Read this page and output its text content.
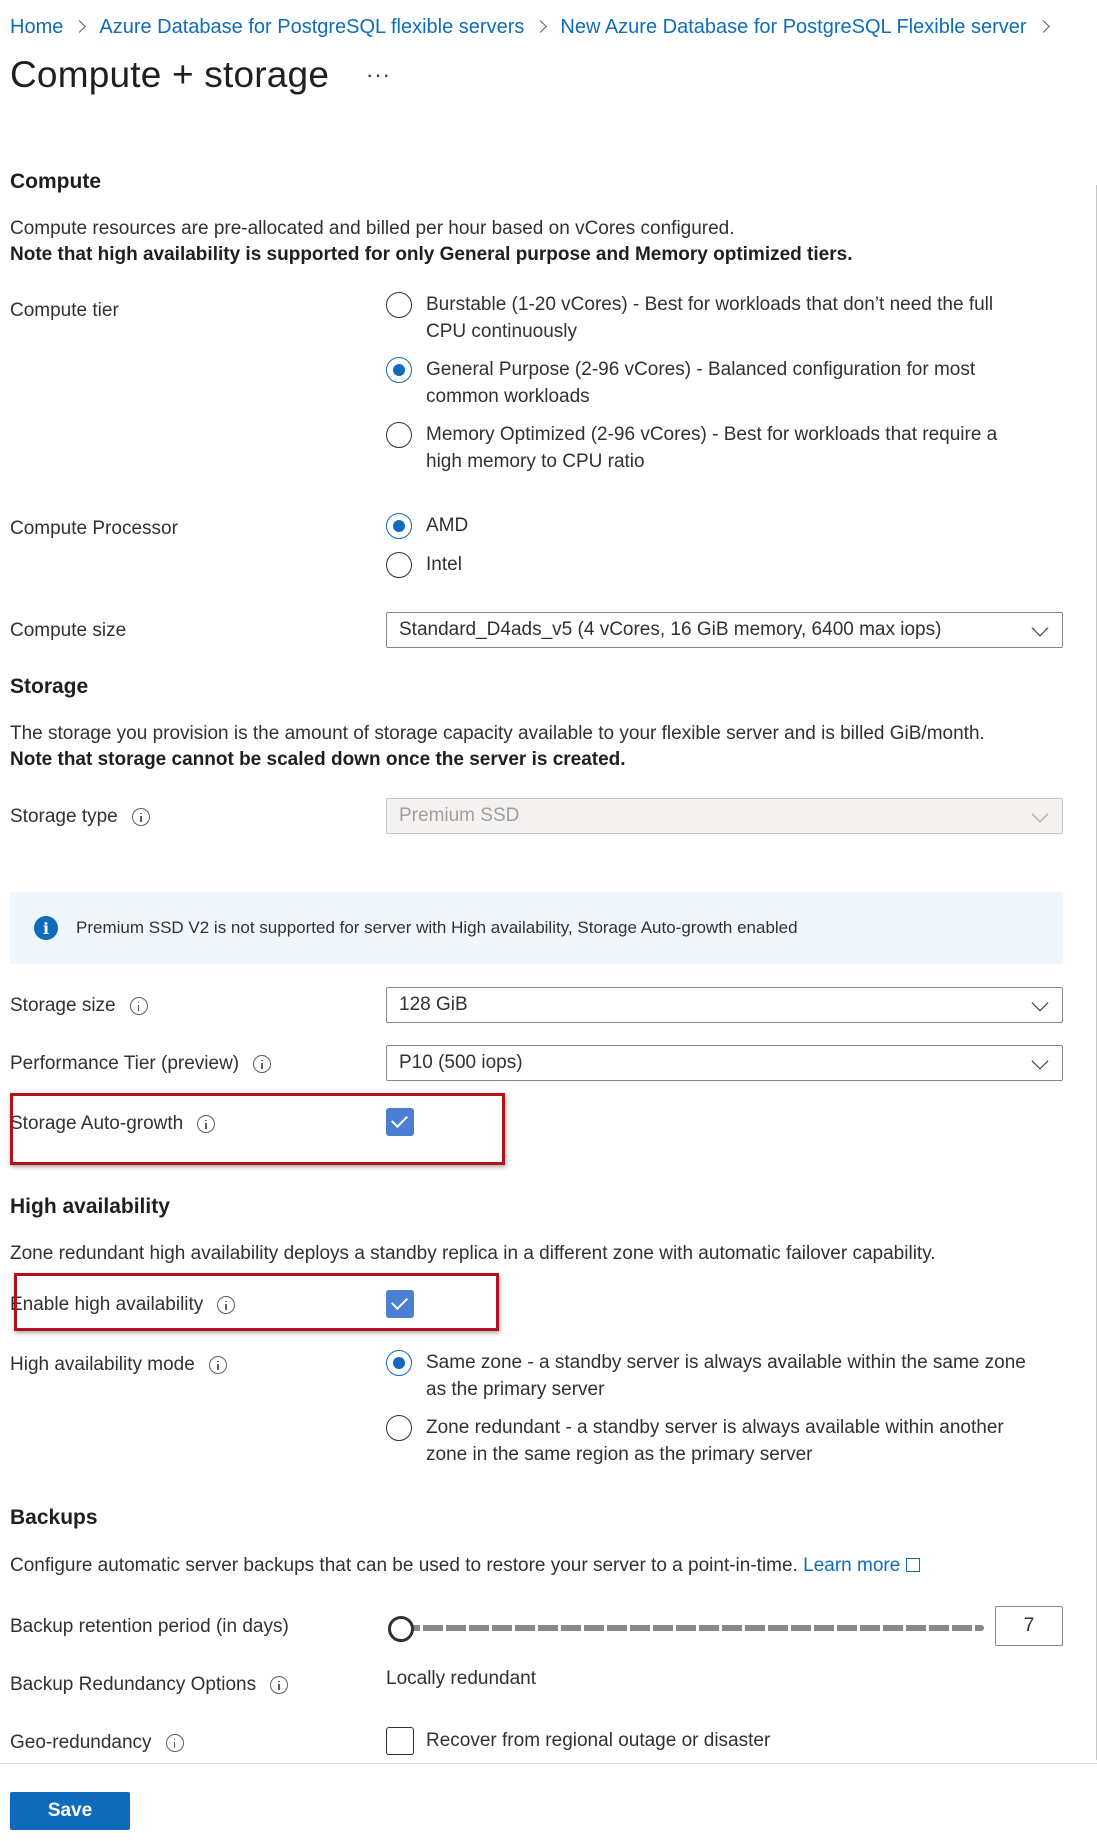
Home Azure Database for PostgreSQL flexible servers New Azure Database for PostgreSQL Flexible server
Compute + storage ···
Compute
Compute resources are pre-allocated and billed per hour based on vCores configured.
Note that high availability is supported for only General purpose and Memory optimized tiers.
Compute tier	Burstable (1-20 vCores) - Best for workloads that don’t need the full CPU continuously
General Purpose (2-96 vCores) - Balanced configuration for most common workloads
Memory Optimized (2-96 vCores) - Best for workloads that require a high memory to CPU ratio
Compute Processor	AMD
Intel
Compute size	Standard_D4ads_v5 (4 vCores, 16 GiB memory, 6400 max iops)
Storage
The storage you provision is the amount of storage capacity available to your flexible server and is billed GiB/month.
Note that storage cannot be scaled down once the server is created.
Storage type	Premium SSD
i	Premium SSD V2 is not supported for server with High availability, Storage Auto-growth enabled
Storage size	128 GiB
Performance Tier (preview)	P10 (500 iops)
Storage Auto-growth
High availability
Zone redundant high availability deploys a standby replica in a different zone with automatic failover capability.
Enable high availability
High availability mode	Same zone - a standby server is always available within the same zone as the primary server
Zone redundant - a standby server is always available within another zone in the same region as the primary server
Backups
Configure automatic server backups that can be used to restore your server to a point-in-time. Learn more
Backup retention period (in days)	7
Backup Redundancy Options	Locally redundant
Geo-redundancy	Recover from regional outage or disaster
Save
